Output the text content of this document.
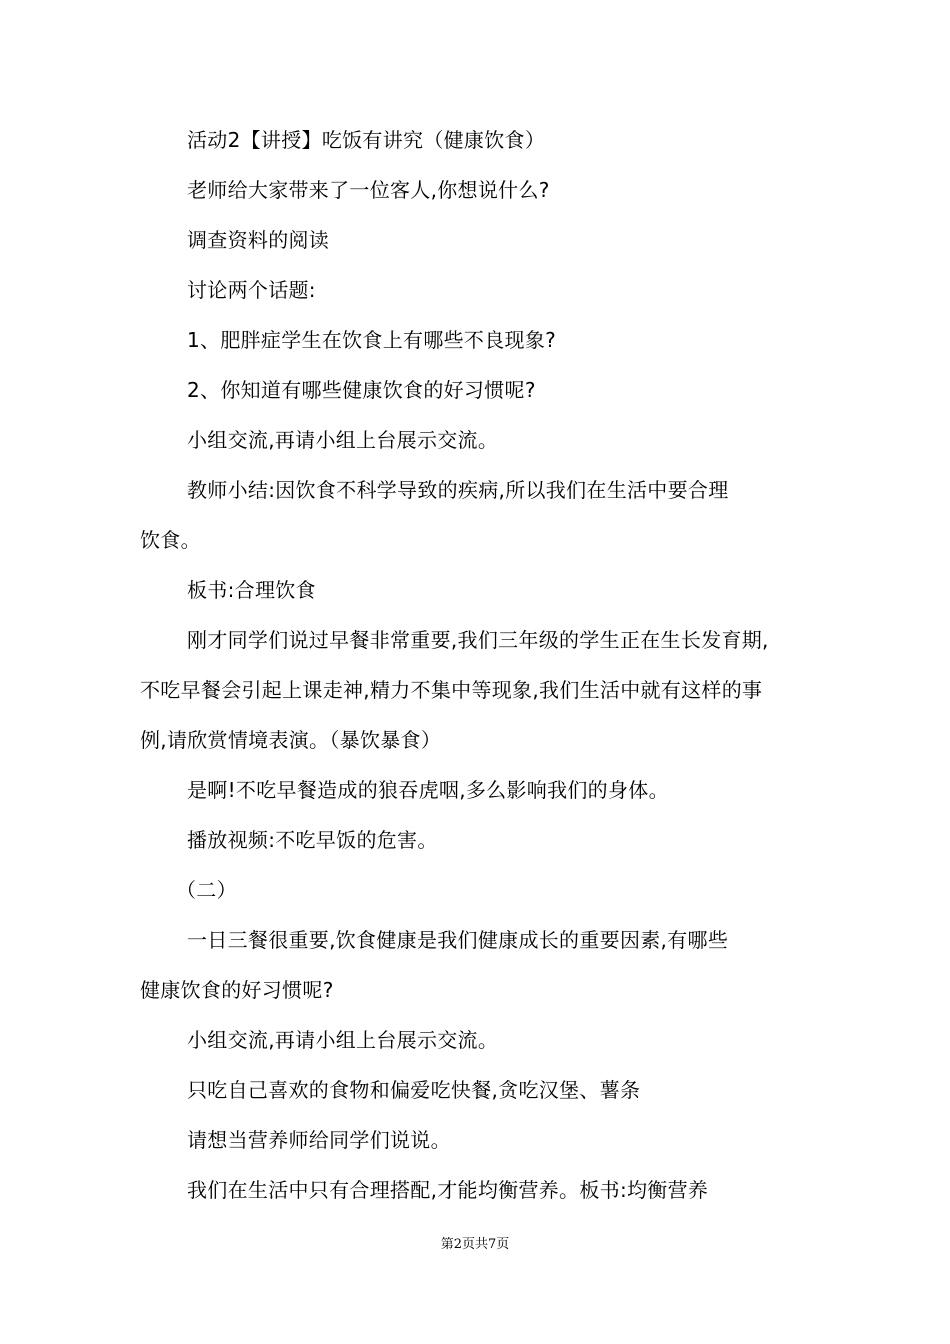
活动2【讲授】吃饭有讲究（健康饮食）
老师给大家带来了一位客人,你想说什么?
调查资料的阅读
讨论两个话题:
1、肥胖症学生在饮食上有哪些不良现象?
2、你知道有哪些健康饮食的好习惯呢?
小组交流,再请小组上台展示交流。
教师小结:因饮食不科学导致的疾病,所以我们在生活中要合理
饮食。
板书:合理饮食
刚才同学们说过早餐非常重要,我们三年级的学生正在生长发育期,
不吃早餐会引起上课走神,精力不集中等现象,我们生活中就有这样的事
例,请欣赏情境表演。（暴饮暴食）
是啊!不吃早餐造成的狼吞虎咽,多么影响我们的身体。
播放视频:不吃早饭的危害。
（二）
一日三餐很重要,饮食健康是我们健康成长的重要因素,有哪些
健康饮食的好习惯呢?
小组交流,再请小组上台展示交流。
只吃自己喜欢的食物和偏爱吃快餐,贪吃汉堡、薯条
请想当营养师给同学们说说。
我们在生活中只有合理搭配,才能均衡营养。板书:均衡营养
第2页共7页
